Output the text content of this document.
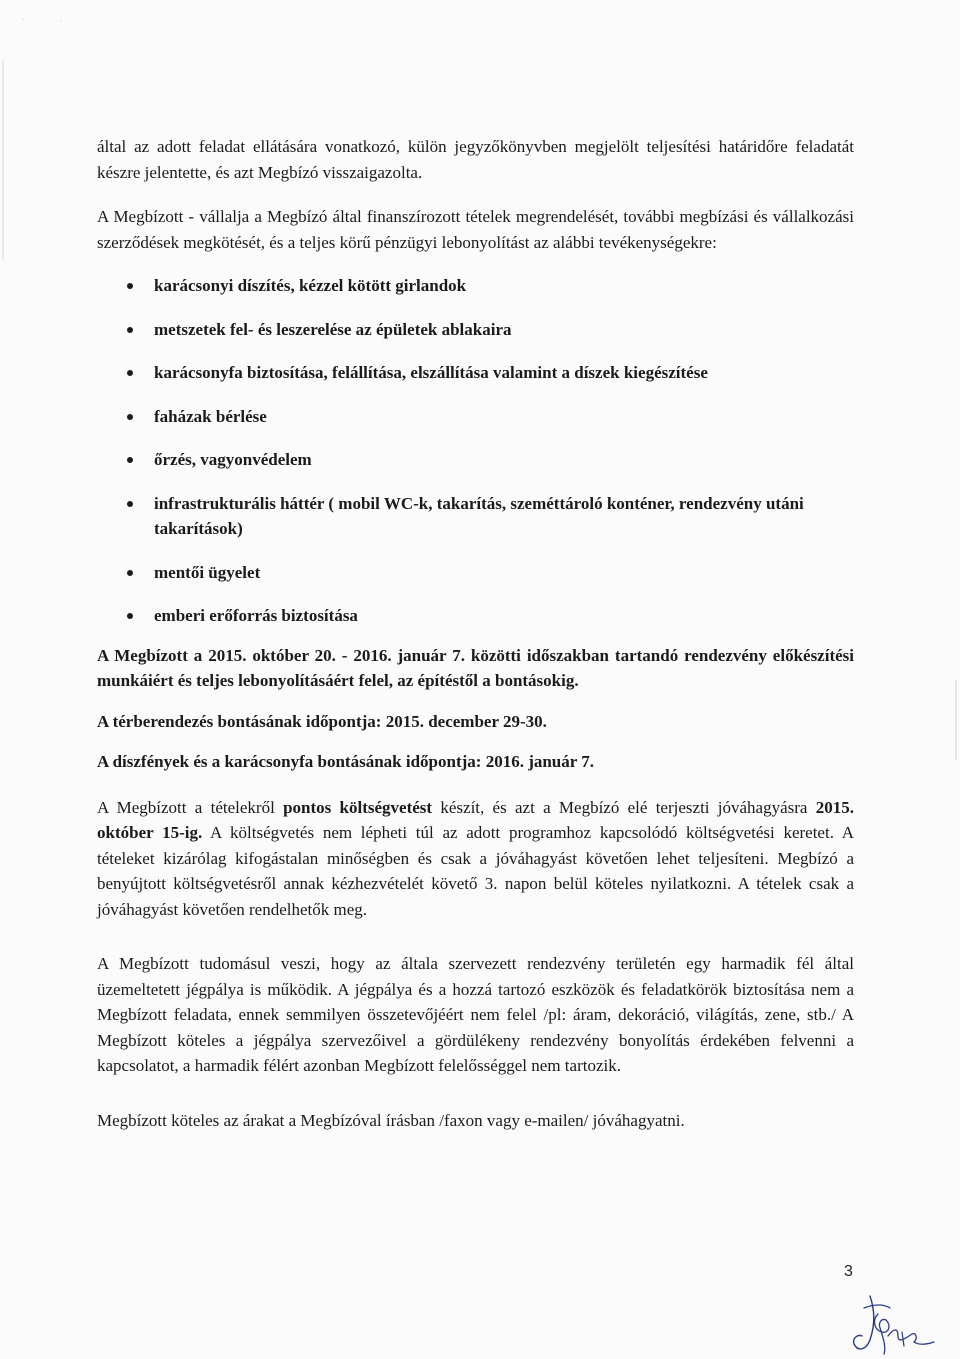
·	·

által az adott feladat ellátására vonatkozó, külön jegyzőkönyvben megjelölt teljesítési határidőre feladatát készre jelentette, és azt Megbízó visszaigazolta.

A Megbízott - vállalja a Megbízó által finanszírozott tételek megrendelését, további megbízási és vállalkozási szerződések megkötését, és a teljes körű pénzügyi lebonyolítást az alábbi tevékenységekre:

karácsonyi díszítés, kézzel kötött girlandok
metszetek fel- és leszerelése az épületek ablakaira
karácsonyfa biztosítása, felállítása, elszállítása valamint a díszek kiegészítése
faházak bérlése
őrzés, vagyonvédelem
infrastrukturális háttér ( mobil WC-k, takarítás, szeméttároló konténer, rendezvény utáni takarítások)
mentői ügyelet
emberi erőforrás biztosítása

A Megbízott a 2015. október 20. - 2016. január 7. közötti időszakban tartandó rendezvény előkészítési munkáiért és teljes lebonyolításáért felel, az építéstől a bontásokig.

A térberendezés bontásának időpontja: 2015. december 29-30.

A díszfények és a karácsonyfa bontásának időpontja: 2016. január 7.

A Megbízott a tételekről pontos költségvetést készít, és azt a Megbízó elé terjeszti jóváhagyásra 2015. október 15-ig. A költségvetés nem lépheti túl az adott programhoz kapcsolódó költségvetési keretet. A tételeket kizárólag kifogástalan minőségben és csak a jóváhagyást követően lehet teljesíteni. Megbízó a benyújtott költségvetésről annak kézhezvételét követő 3. napon belül köteles nyilatkozni. A tételek csak a jóváhagyást követően rendelhetők meg.

A Megbízott tudomásul veszi, hogy az általa szervezett rendezvény területén egy harmadik fél által üzemeltetett jégpálya is működik. A jégpálya és a hozzá tartozó eszközök és feladatkörök biztosítása nem a Megbízott feladata, ennek semmilyen összetevőjéért nem felel /pl: áram, dekoráció, világítás, zene, stb./ A Megbízott köteles a jégpálya szervezőivel a gördülékeny rendezvény bonyolítás érdekében felvenni a kapcsolatot, a harmadik félért azonban Megbízott felelősséggel nem tartozik.

Megbízott köteles az árakat a Megbízóval írásban /faxon vagy e-mailen/ jóváhagyatni.

3
